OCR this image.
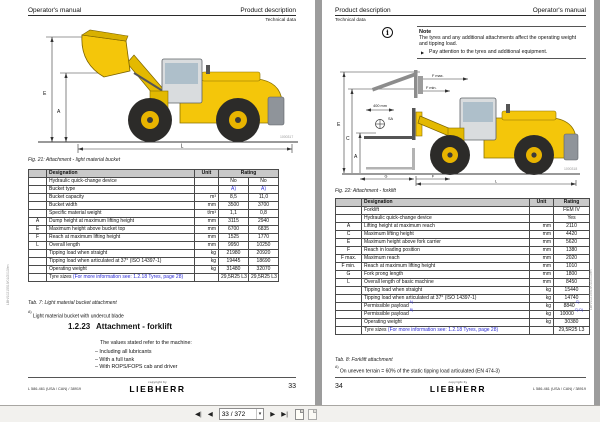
Operator's manual	Product description
Technical data
E
A
L
1000317
Fig. 21: Attachment - light material bucket
	Designation	Unit	Rating	
	Hydraulic quick-change device		No	No
	Bucket type		A)	A)
	Bucket capacity	m³	8,5	11,0
	Bucket width	mm	3500	3700
	Specific material weight	t/m³	1,1	0,8
A	Dump height at maximum lifting height	mm	3115	2940
E	Maximum height above bucket top	mm	6700	6835
F	Reach at maximum lifting height	mm	1525	1770
L	Overall length	mm	9950	10250
	Tipping load when straight	kg	21980	20920
	Tipping load when articulated at 37° (ISO 14397-1)	kg	19445	18690
	Operating weight	kg	31480	32070
	Tyre sizes (For more information see: 1.2.18 Tyres, page 28)		29,5R25 L3	29,5R25 L3
Tab. 7: Light material bucket attachment
$^{A)}$ Light material bucket with undercut blade
1.2.23 Attachment - forklift
The values stated refer to the machine:
– Including all lubricants
– With a full tank
– With ROPS/FOPS cab and driver
L 586-461 (USA / CAN) / 38919
copyright by
LIEBHERR	33
LBH/10215519/01/2013/en
Product description	Operator's manual
Technical data
i	Note
The tyres and any additional attachments affect the operating weight and tipping load.
▶ Pay attention to the tyres and additional equipment.
E
C
A
F max.
F min.
400 mm
SA
G	F
L
1000318
Fig. 22: Attachment - forklift
	Designation	Unit	Rating
	Forklift		FEM IV
	Hydraulic quick-change device		Yes
A	Lifting height at maximum reach	mm	2110
C	Maximum lifting height	mm	4420
E	Maximum height above fork carrier	mm	5620
F	Reach in loading position	mm	1380
F max.	Maximum reach	mm	2020
F min.	Reach at maximum lifting height	mm	1010
G	Fork prong length	mm	1800
L	Overall length of basic machine	mm	8450
	Tipping load when straight	kg	15440
	Tipping load when articulated at 37° (ISO 14397-1)	kg	14740
	Permissible payload $^{A)}$	kg	8840 $^{C)}$
	Permissible payload $^{B)}$	kg	10000 $^{C) D)}$
	Operating weight	kg	30380
	Tyre sizes (For more information see: 1.2.18 Tyres, page 28)		29,5R25 L3
Tab. 8: Forklift attachment
$^{A)}$ On uneven terrain = 60% of the static tipping load articulated (EN 474-3)
34
copyright by
LIEBHERR	L 586-461 (USA / CAN) / 38919
LBH/10215519/01/2013/en
◀| ◀
33 / 372	▾	▶ ▶|
